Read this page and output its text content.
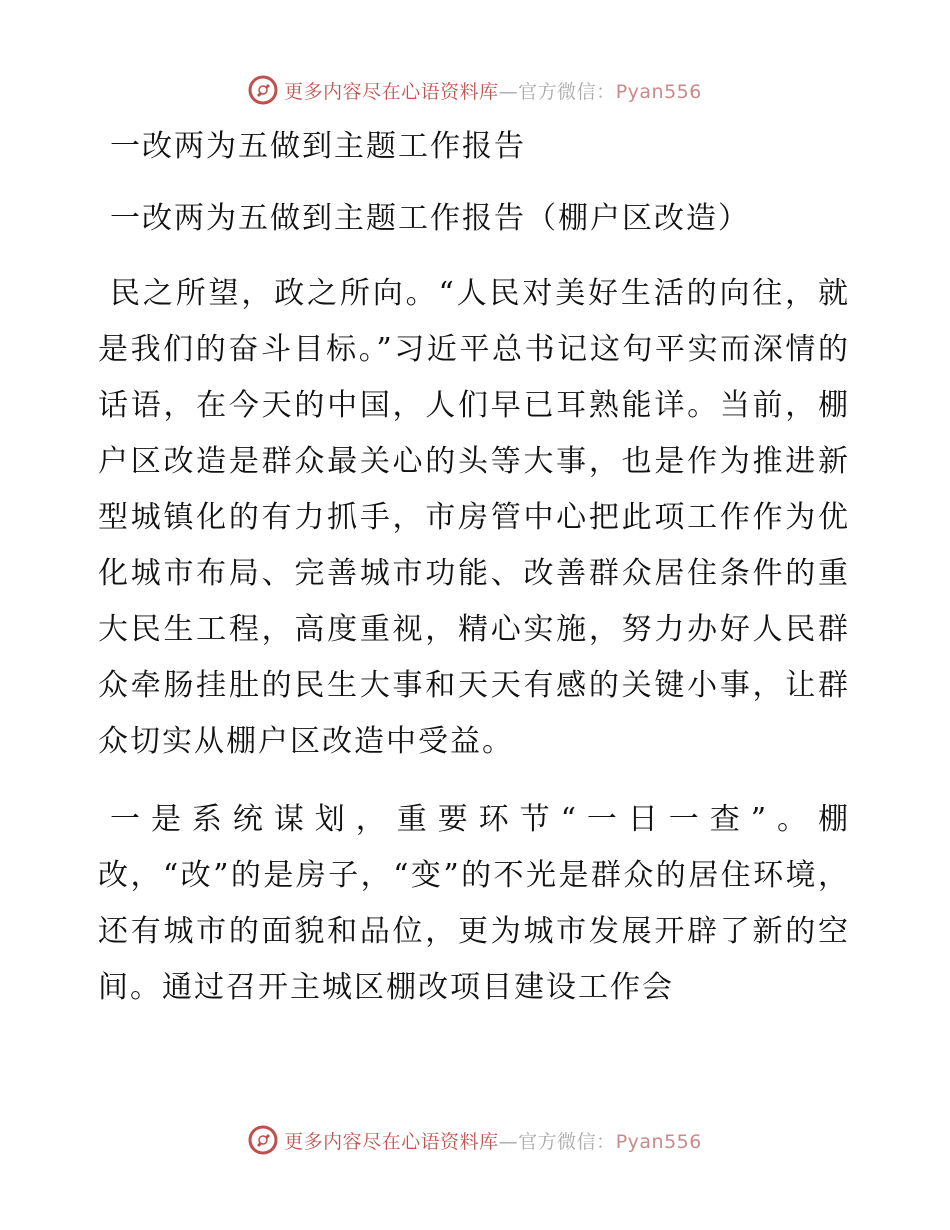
更多内容尽在心语资料库—官方微信：Pyan556
一改两为五做到主题工作报告
一改两为五做到主题工作报告（棚户区改造）

民之所望，政之所向。“人民对美好生活的向往，就是我们的奋斗目标。”习近平总书记这句平实而深情的话语，在今天的中国，人们早已耳熟能详。当前，棚户区改造是群众最关心的头等大事，也是作为推进新型城镇化的有力抓手，市房管中心把此项工作作为优化城市布局、完善城市功能、改善群众居住条件的重大民生工程，高度重视，精心实施，努力办好人民群众牵肠挂肚的民生大事和天天有感的关键小事，让群众切实从棚户区改造中受益。

一是系统谋划，重要环节“一日一查”。棚改，“改”的是房子，“变”的不光是群众的居住环境，还有城市的面貌和品位，更为城市发展开辟了新的空间。通过召开主城区棚改项目建设工作会

更多内容尽在心语资料库—官方微信：Pyan556
